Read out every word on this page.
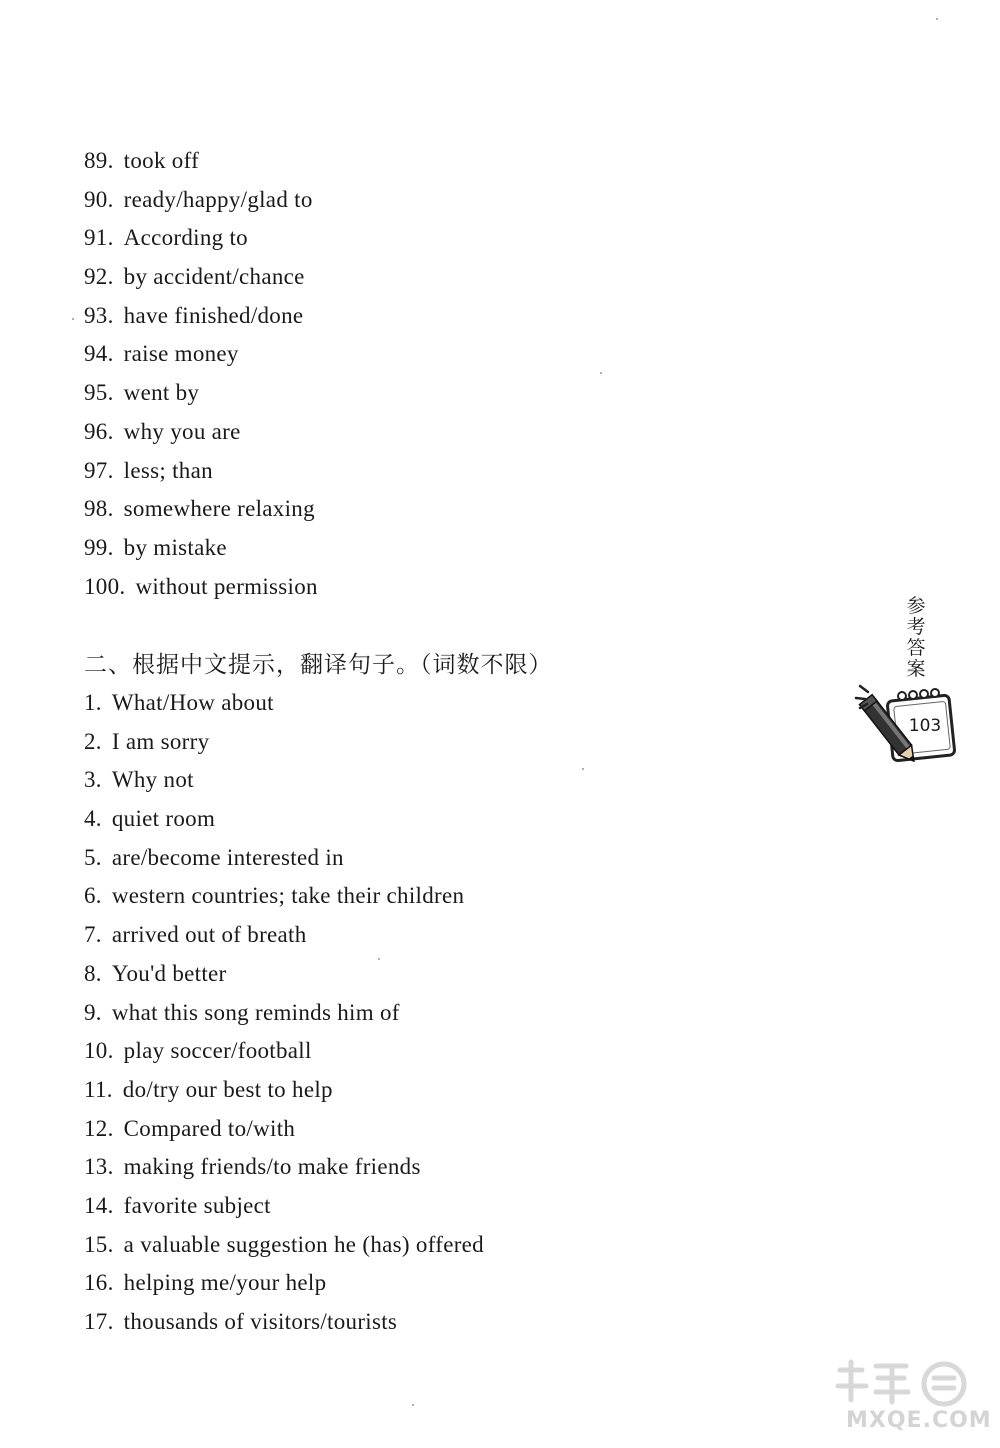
89. took off
90. ready/happy/glad to
91. According to
92. by accident/chance
93. have finished/done
94. raise money
95. went by
96. why you are
97. less; than
98. somewhere relaxing
99. by mistake
100. without permission
二、根据中文提示，翻译句子。（词数不限）
1. What/How about
2. I am sorry
3. Why not
4. quiet room
5. are/become interested in
6. western countries; take their children
7. arrived out of breath
8. You'd better
9. what this song reminds him of
10. play soccer/football
11. do/try our best to help
12. Compared to/with
13. making friends/to make friends
14. favorite subject
15. a valuable suggestion he (has) offered
16. helping me/your help
17. thousands of visitors/tourists
参考答案
103
MXQE.COM
